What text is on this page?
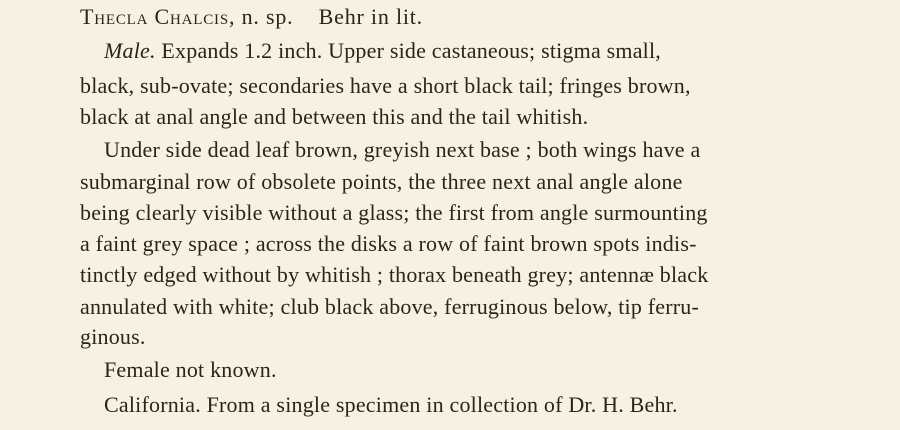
Thecla Chalcis, n. sp. Behr in lit.
Male. Expands 1.2 inch. Upper side castaneous; stigma small,
black, sub-ovate; secondaries have a short black tail; fringes brown,
black at anal angle and between this and the tail whitish.
Under side dead leaf brown, greyish next base ; both wings have a
submarginal row of obsolete points, the three next anal angle alone
being clearly visible without a glass; the first from angle surmounting
a faint grey space ; across the disks a row of faint brown spots indis-
tinctly edged without by whitish ; thorax beneath grey; antennæ black
annulated with white; club black above, ferruginous below, tip ferru-
ginous.
Female not known.
California. From a single specimen in collection of Dr. H. Behr.
